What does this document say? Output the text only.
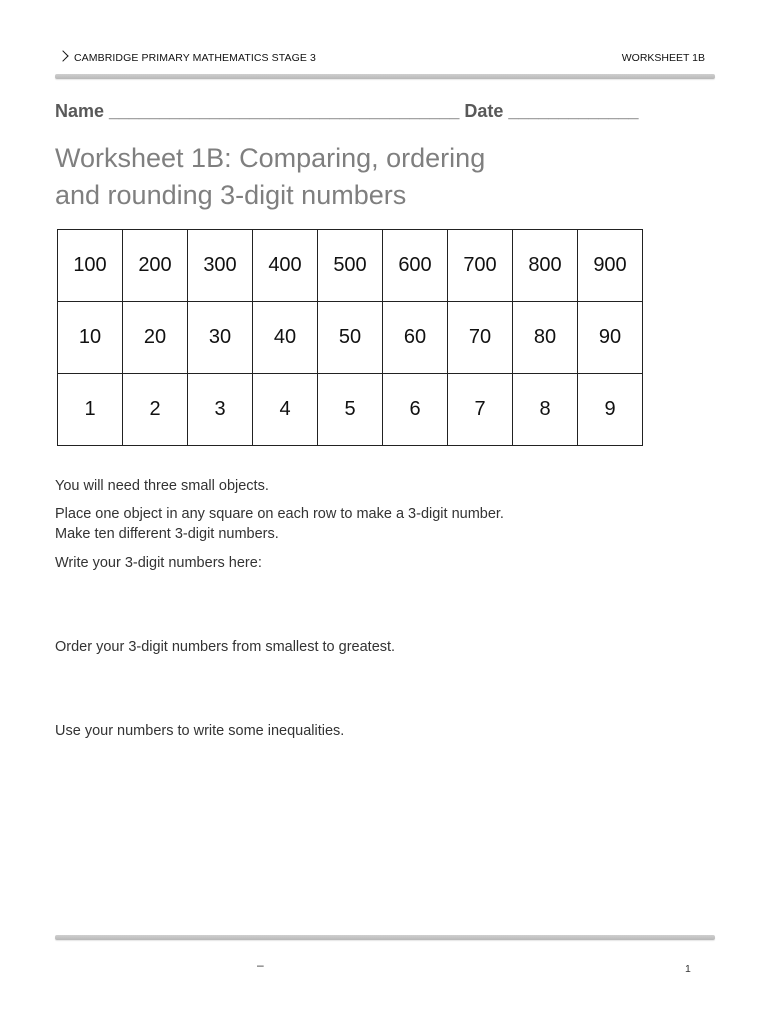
CAMBRIDGE PRIMARY MATHEMATICS STAGE 3	WORKSHEET 1B
Name ___________________________________ Date _____________
Worksheet 1B: Comparing, ordering
and rounding 3-digit numbers
100	200	300	400	500	600	700	800	900
10	20	30	40	50	60	70	80	90
1	2	3	4	5	6	7	8	9
You will need three small objects.
Place one object in any square on each row to make a 3-digit number.
Make ten different 3-digit numbers.
Write your 3-digit numbers here:
Order your 3-digit numbers from smallest to greatest.
Use your numbers to write some inequalities.
–	1
